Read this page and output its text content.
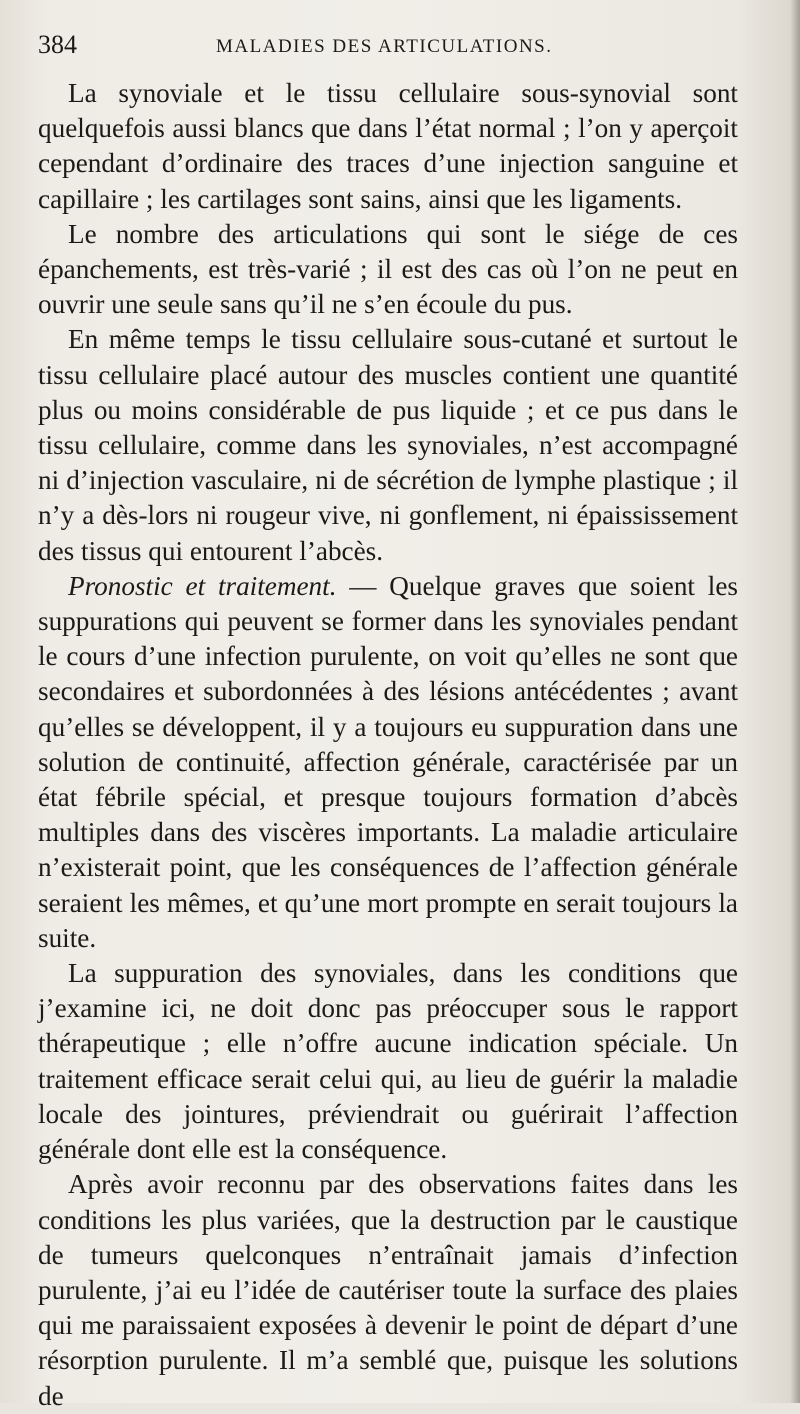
384	MALADIES DES ARTICULATIONS.

La synoviale et le tissu cellulaire sous-synovial sont quelquefois aussi blancs que dans l’état normal ; l’on y aperçoit cependant d’ordinaire des traces d’une injection sanguine et capillaire ; les cartilages sont sains, ainsi que les ligaments.

Le nombre des articulations qui sont le siége de ces épanchements, est très-varié ; il est des cas où l’on ne peut en ouvrir une seule sans qu’il ne s’en écoule du pus.

En même temps le tissu cellulaire sous-cutané et surtout le tissu cellulaire placé autour des muscles contient une quantité plus ou moins considérable de pus liquide ; et ce pus dans le tissu cellulaire, comme dans les synoviales, n’est accompagné ni d’injection vasculaire, ni de sécrétion de lymphe plastique ; il n’y a dès-lors ni rougeur vive, ni gonflement, ni épaississement des tissus qui entourent l’abcès.

Pronostic et traitement. — Quelque graves que soient les suppurations qui peuvent se former dans les synoviales pendant le cours d’une infection purulente, on voit qu’elles ne sont que secondaires et subordonnées à des lésions antécédentes ; avant qu’elles se développent, il y a toujours eu suppuration dans une solution de continuité, affection générale, caractérisée par un état fébrile spécial, et presque toujours formation d’abcès multiples dans des viscères importants. La maladie articulaire n’existerait point, que les conséquences de l’affection générale seraient les mêmes, et qu’une mort prompte en serait toujours la suite.

La suppuration des synoviales, dans les conditions que j’examine ici, ne doit donc pas préoccuper sous le rapport thérapeutique ; elle n’offre aucune indication spéciale. Un traitement efficace serait celui qui, au lieu de guérir la maladie locale des jointures, préviendrait ou guérirait l’affection générale dont elle est la conséquence.

Après avoir reconnu par des observations faites dans les conditions les plus variées, que la destruction par le caustique de tumeurs quelconques n’entraînait jamais d’infection purulente, j’ai eu l’idée de cautériser toute la surface des plaies qui me paraissaient exposées à devenir le point de départ d’une résorption purulente. Il m’a semblé que, puisque les solutions de
